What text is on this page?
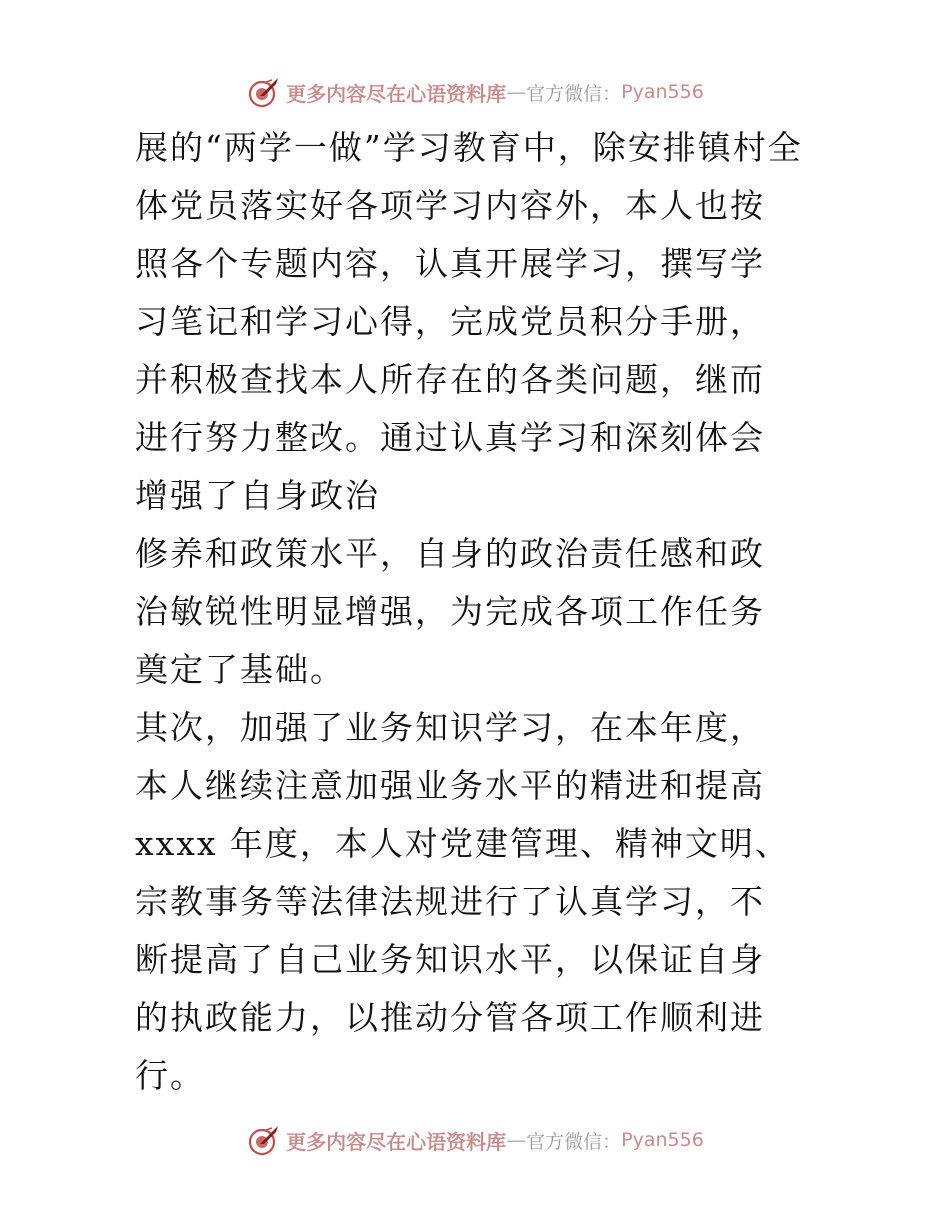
更多内容尽在心语资料库 — 官方微信： Pyan556
展的“两学一做”学习教育中，除安排镇村全
体党员落实好各项学习内容外，本人也按
照各个专题内容，认真开展学习，撰写学
习笔记和学习心得，完成党员积分手册，
并积极查找本人所存在的各类问题，继而
进行努力整改。通过认真学习和深刻体会
增强了自身政治
修养和政策水平，自身的政治责任感和政
治敏锐性明显增强，为完成各项工作任务
奠定了基础。
其次，加强了业务知识学习，在本年度，
本人继续注意加强业务水平的精进和提高
xxxx 年度，本人对党建管理、精神文明、
宗教事务等法律法规进行了认真学习，不
断提高了自己业务知识水平，以保证自身
的执政能力，以推动分管各项工作顺利进
行。
更多内容尽在心语资料库 — 官方微信： Pyan556
